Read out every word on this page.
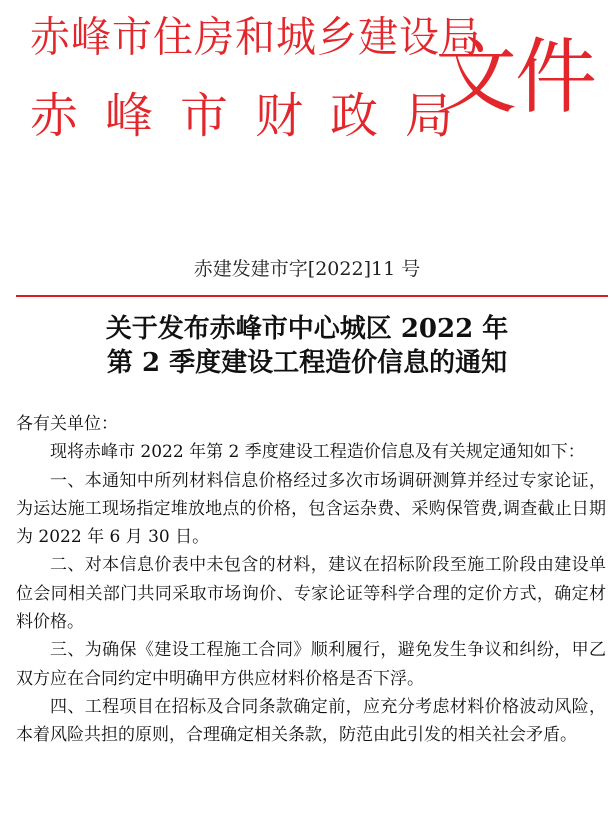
赤峰市住房和城乡建设局
赤峰市财政局
文件
赤建发建市字[2022]11 号
关于发布赤峰市中心城区 2022 年
第 2 季度建设工程造价信息的通知

各有关单位：

现将赤峰市 2022 年第 2 季度建设工程造价信息及有关规定通知如下：

一、本通知中所列材料信息价格经过多次市场调研测算并经过专家论证，为运达施工现场指定堆放地点的价格，包含运杂费、采购保管费,调查截止日期为 2022 年 6 月 30 日。

二、对本信息价表中未包含的材料，建议在招标阶段至施工阶段由建设单位会同相关部门共同采取市场询价、专家论证等科学合理的定价方式，确定材料价格。

三、为确保《建设工程施工合同》顺利履行，避免发生争议和纠纷，甲乙双方应在合同约定中明确甲方供应材料价格是否下浮。

四、工程项目在招标及合同条款确定前，应充分考虑材料价格波动风险，本着风险共担的原则，合理确定相关条款，防范由此引发的相关社会矛盾。
